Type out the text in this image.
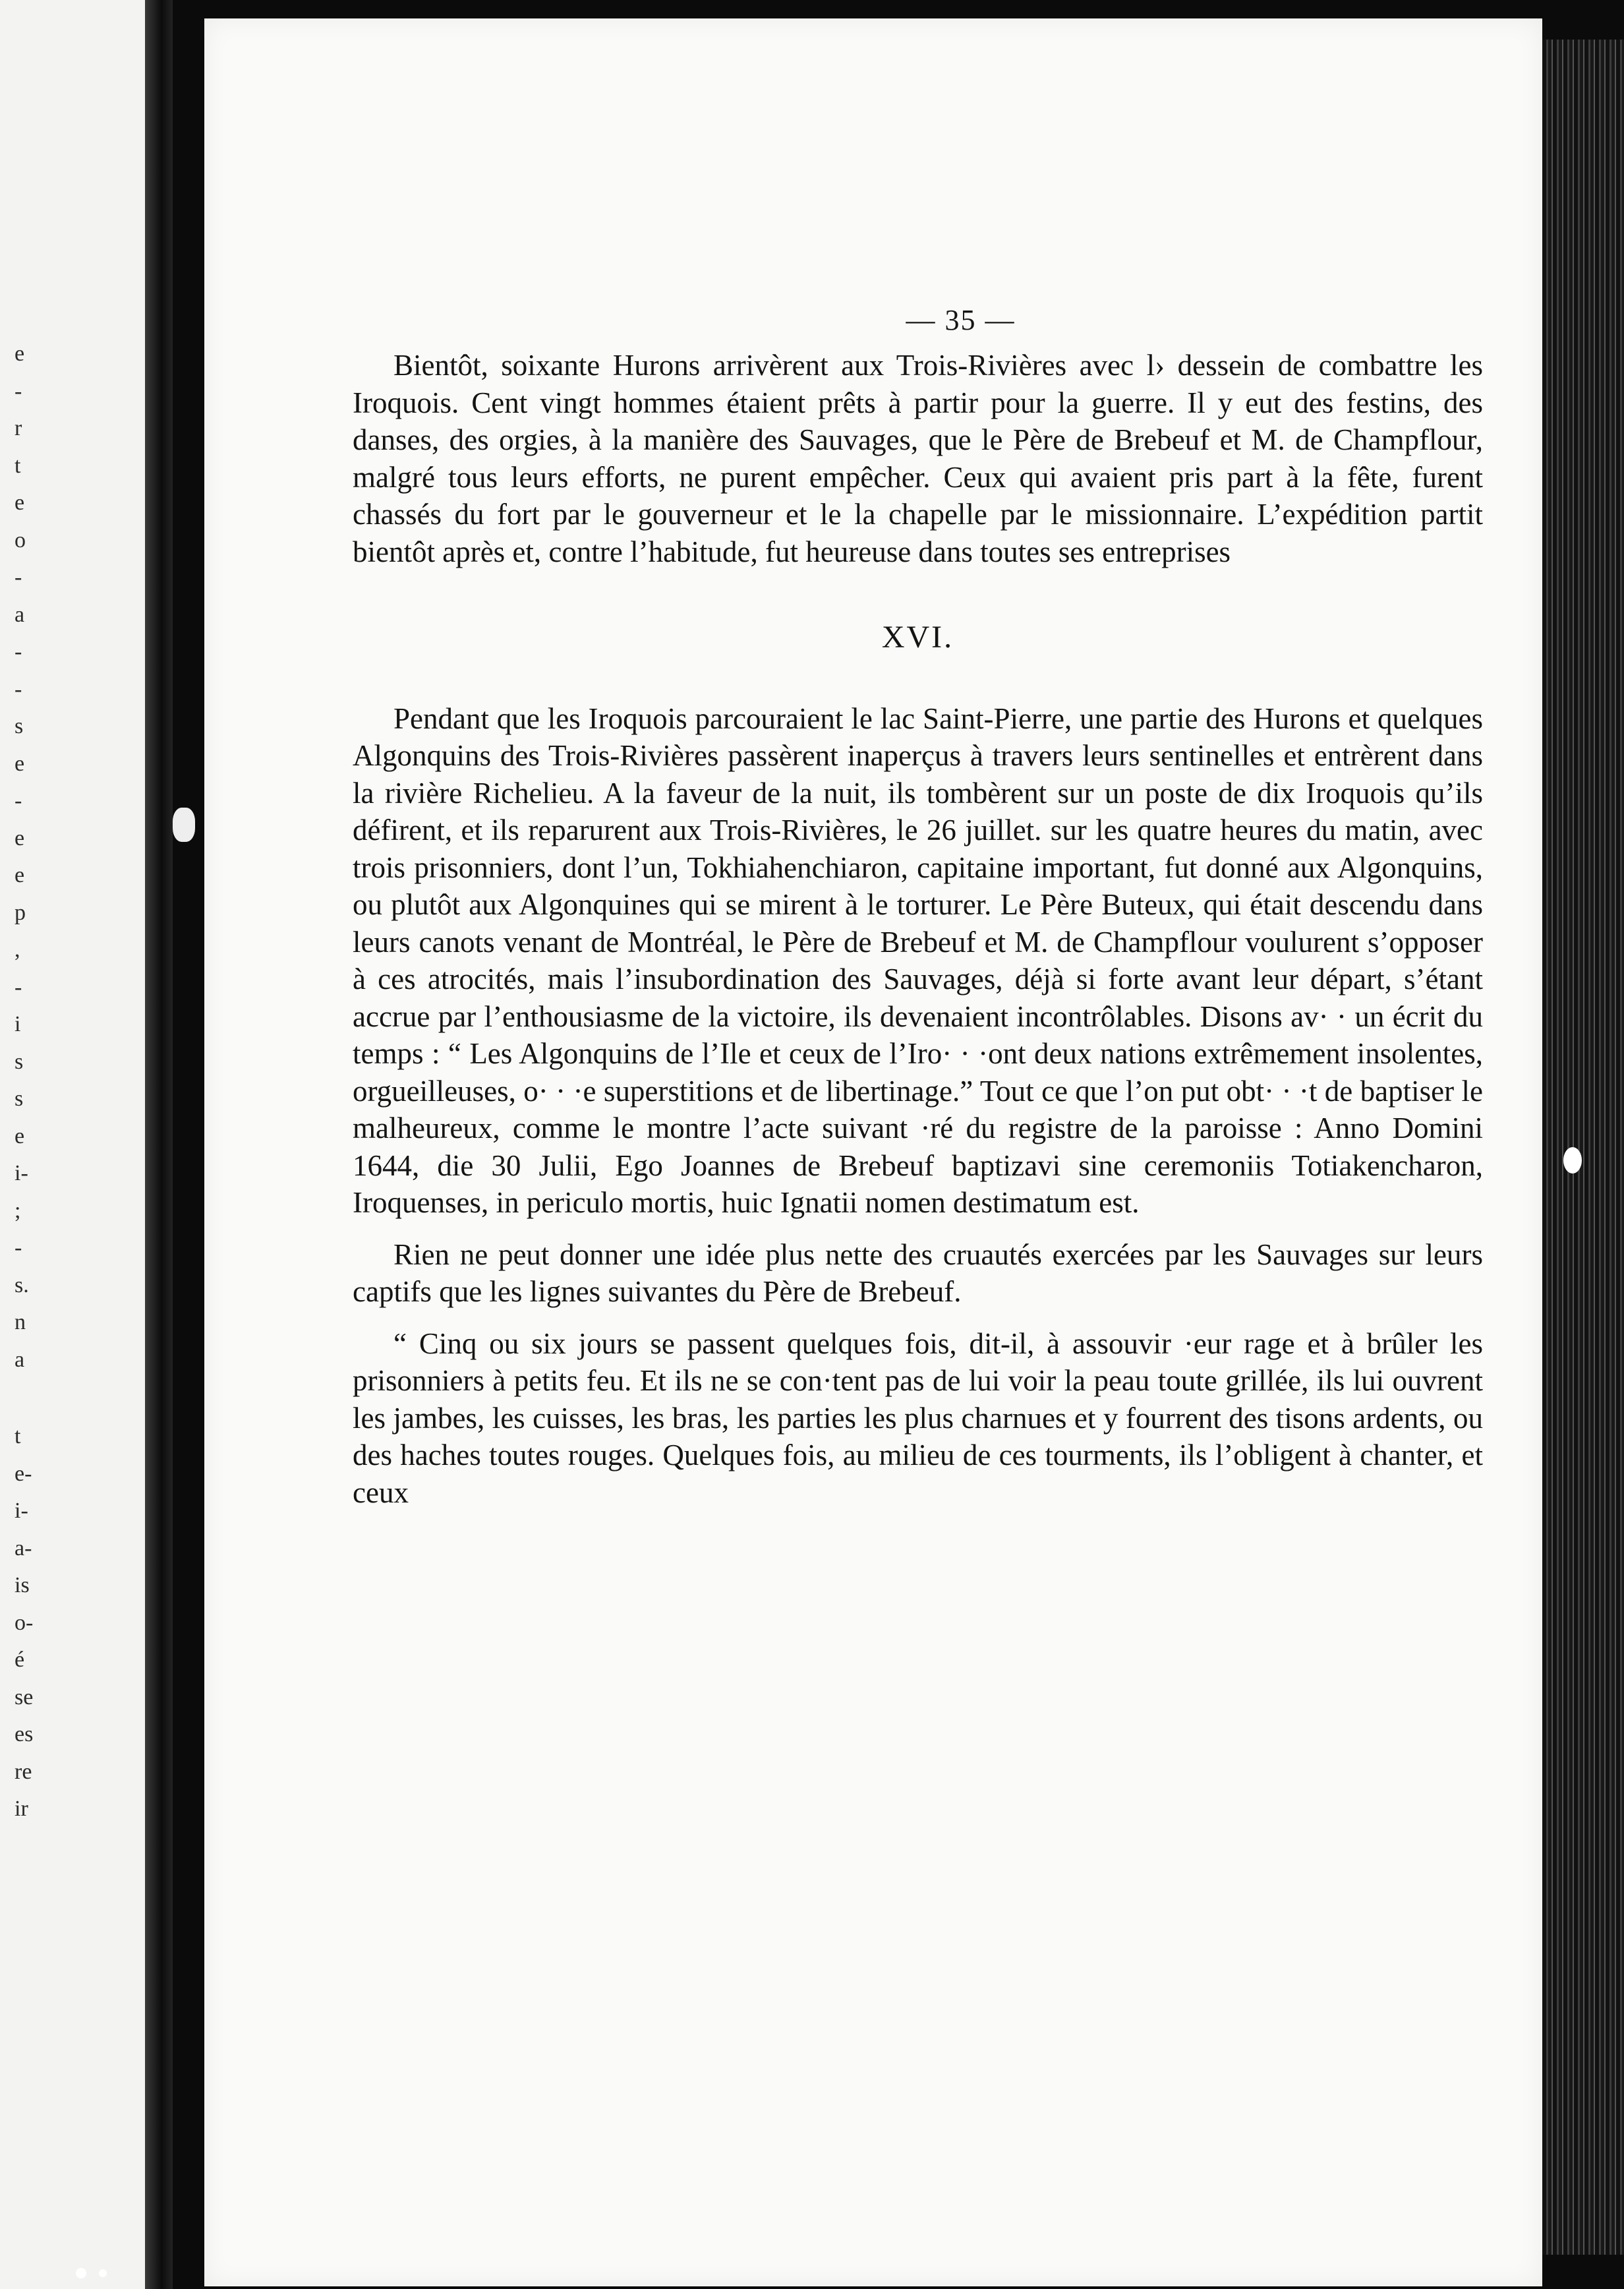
e
-
r
t
e
o
-
a
-
-
s
e
-
e
e
p
,
-
i
s
s
e
i-
;
-
s.
n
a
t
e-
i-
a-
is
o-
é
se
es
re
ir
— 35 —

Bientôt, soixante Hurons arrivèrent aux Trois-Rivières avec l› dessein de combattre les Iroquois. Cent vingt hommes étaient prêts à partir pour la guerre. Il y eut des festins, des danses, des orgies, à la manière des Sauvages, que le Père de Brebeuf et M. de Champflour, malgré tous leurs efforts, ne purent empêcher. Ceux qui avaient pris part à la fête, furent chassés du fort par le gouverneur et le la chapelle par le missionnaire. L’expédition partit bientôt après et, contre l’habitude, fut heureuse dans toutes ses entreprises

XVI.

Pendant que les Iroquois parcouraient le lac Saint-Pierre, une partie des Hurons et quelques Algonquins des Trois-Rivières passèrent inaperçus à travers leurs sentinelles et entrèrent dans la rivière Richelieu. A la faveur de la nuit, ils tombèrent sur un poste de dix Iroquois qu’ils défirent, et ils reparurent aux Trois-Rivières, le 26 juillet. sur les quatre heures du matin, avec trois prisonniers, dont l’un, Tokhiahenchiaron, capitaine important, fut donné aux Algonquins, ou plutôt aux Algonquines qui se mirent à le torturer. Le Père Buteux, qui était descendu dans leurs canots venant de Montréal, le Père de Brebeuf et M. de Champflour voulurent s’opposer à ces atrocités, mais l’insubordination des Sauvages, déjà si forte avant leur départ, s’étant accrue par l’enthousiasme de la victoire, ils devenaient incontrôlables. Disons av· · un écrit du temps : “ Les Algonquins de l’Ile et ceux de l’Iro· · ·ont deux nations extrêmement insolentes, orgueilleuses, o· · ·e superstitions et de libertinage.” Tout ce que l’on put obt· · ·t de baptiser le malheureux, comme le montre l’acte suivant ·ré du registre de la paroisse : Anno Domini 1644, die 30 Julii, Ego Joannes de Brebeuf baptizavi sine ceremoniis Totiakencharon, Iroquenses, in periculo mortis, huic Ignatii nomen destimatum est.

Rien ne peut donner une idée plus nette des cruautés exercées par les Sauvages sur leurs captifs que les lignes suivantes du Père de Brebeuf.

“ Cinq ou six jours se passent quelques fois, dit-il, à assouvir ·eur rage et à brûler les prisonniers à petits feu. Et ils ne se con·tent pas de lui voir la peau toute grillée, ils lui ouvrent les jambes, les cuisses, les bras, les parties les plus charnues et y fourrent des tisons ardents, ou des haches toutes rouges. Quelques fois, au milieu de ces tourments, ils l’obligent à chanter, et ceux
